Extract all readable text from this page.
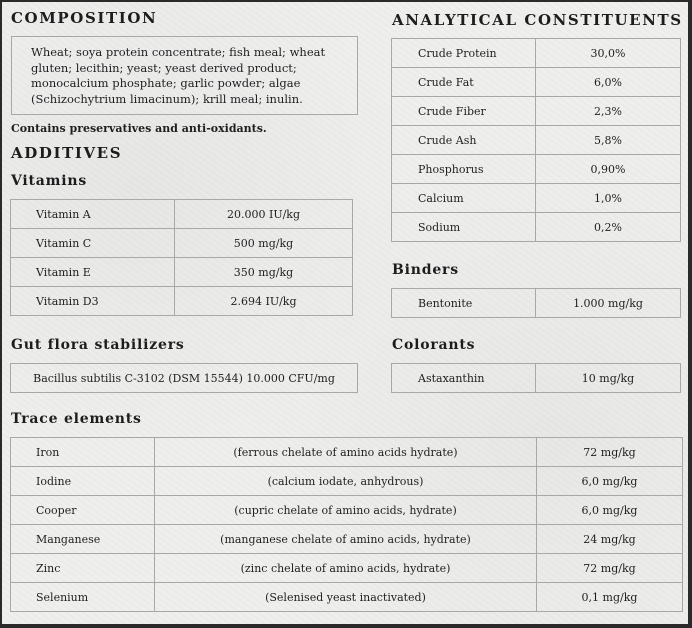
COMPOSITION
Wheat; soya protein concentrate; fish meal; wheat
gluten; lecithin; yeast; yeast derived product;
monocalcium phosphate; garlic powder; algae
(Schizochytrium limacinum); krill meal; inulin.
Contains preservatives and anti-oxidants.
ADDITIVES
Vitamins
Vitamin A	20.000 IU/kg
Vitamin C	500 mg/kg
Vitamin E	350 mg/kg
Vitamin D3	2.694 IU/kg
Gut flora stabilizers
Bacillus subtilis C-3102 (DSM 15544) 10.000 CFU/mg
ANALYTICAL CONSTITUENTS
Crude Protein	30,0%
Crude Fat	6,0%
Crude Fiber	2,3%
Crude Ash	5,8%
Phosphorus	0,90%
Calcium	1,0%
Sodium	0,2%
Binders
Bentonite	1.000 mg/kg
Colorants
Astaxanthin	10 mg/kg
Trace elements
Iron	(ferrous chelate of amino acids hydrate)	72 mg/kg
Iodine	(calcium iodate, anhydrous)	6,0 mg/kg
Cooper	(cupric chelate of amino acids, hydrate)	6,0 mg/kg
Manganese	(manganese chelate of amino acids, hydrate)	24 mg/kg
Zinc	(zinc chelate of amino acids, hydrate)	72 mg/kg
Selenium	(Selenised yeast inactivated)	0,1 mg/kg
